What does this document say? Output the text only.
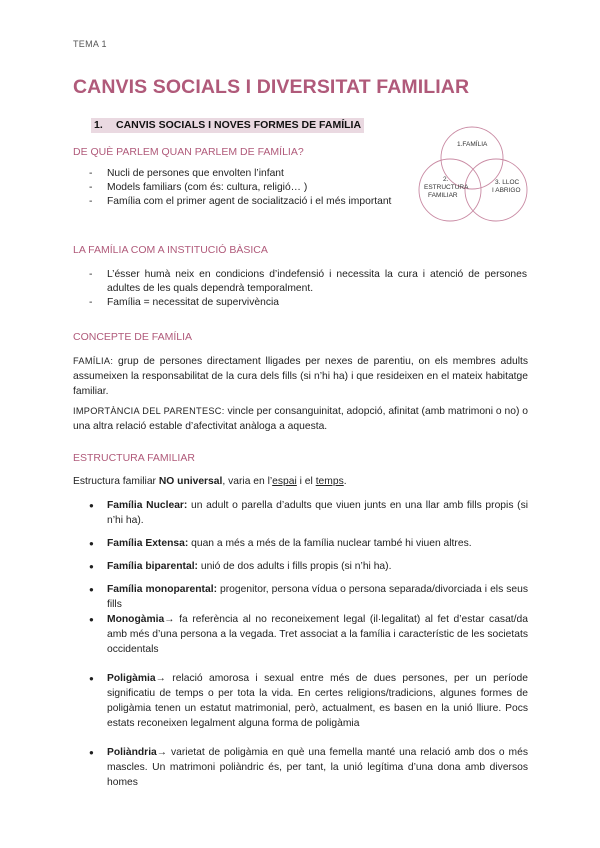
TEMA 1
CANVIS SOCIALS I DIVERSITAT FAMILIAR
1. CANVIS SOCIALS I NOVES FORMES DE FAMÍLIA
1.FAMÍLIA
2.
ESTRUCTURA
FAMILIAR
3. LLOC
I ABRIGO
DE QUÈ PARLEM QUAN PARLEM DE FAMÍLIA?
- Nucli de persones que envolten l’infant
- Models familiars (com és: cultura, religió… )
- Família com el primer agent de socialització i el més important
LA FAMÍLIA COM A INSTITUCIÓ BÀSICA
- L’ésser humà neix en condicions d’indefensió i necessita la cura i atenció de persones adultes de les quals dependrà temporalment.
- Família = necessitat de supervivència
CONCEPTE DE FAMÍLIA
FAMÍLIA: grup de persones directament lligades per nexes de parentiu, on els membres adults assumeixen la responsabilitat de la cura dels fills (si n’hi ha) i que resideixen en el mateix habitatge familiar.
IMPORTÀNCIA DEL PARENTESC: vincle per consanguinitat, adopció, afinitat (amb matrimoni o no) o una altra relació estable d’afectivitat anàloga a aquesta.
ESTRUCTURA FAMILIAR
Estructura familiar NO universal, varia en l’espai i el temps.
● Família Nuclear: un adult o parella d’adults que viuen junts en una llar amb fills propis (si n’hi ha).
● Família Extensa: quan a més a més de la família nuclear també hi viuen altres.
● Família biparental: unió de dos adults i fills propis (si n’hi ha).
● Família monoparental: progenitor, persona vídua o persona separada/divorciada i els seus fills
● Monogàmia→ fa referència al no reconeixement legal (il·legalitat) al fet d’estar casat/da amb més d’una persona a la vegada. Tret associat a la família i característic de les societats occidentals
● Poligàmia→ relació amorosa i sexual entre més de dues persones, per un període significatiu de temps o per tota la vida. En certes religions/tradicions, algunes formes de poligàmia tenen un estatut matrimonial, però, actualment, es basen en la unió lliure. Pocs estats reconeixen legalment alguna forma de poligàmia
● Poliàndria→ varietat de poligàmia en què una femella manté una relació amb dos o més mascles. Un matrimoni poliàndric és, per tant, la unió legítima d’una dona amb diversos homes
